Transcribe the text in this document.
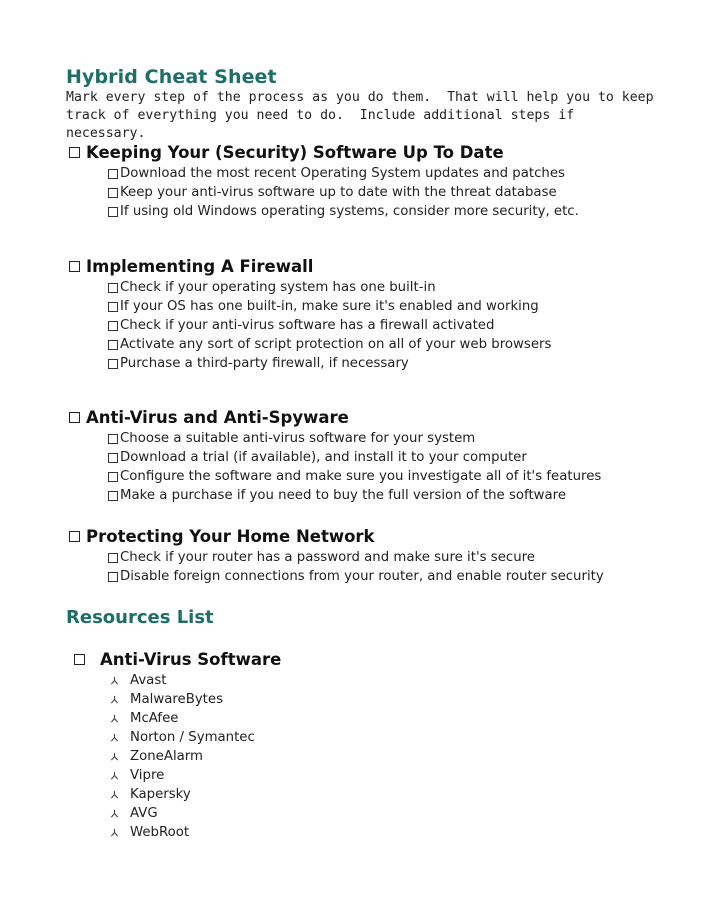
Hybrid Cheat Sheet

Mark every step of the process as you do them.  That will help you to keep track of everything you need to do.  Include additional steps if necessary.

Keeping Your (Security) Software Up To Date
Download the most recent Operating System updates and patches
Keep your anti-virus software up to date with the threat database
If using old Windows operating systems, consider more security, etc.
Implementing A Firewall
Check if your operating system has one built-in
If your OS has one built-in, make sure it's enabled and working
Check if your anti-virus software has a firewall activated
Activate any sort of script protection on all of your web browsers
Purchase a third-party firewall, if necessary
Anti-Virus and Anti-Spyware
Choose a suitable anti-virus software for your system
Download a trial (if available), and install it to your computer
Configure the software and make sure you investigate all of it's features
Make a purchase if you need to buy the full version of the software
Protecting Your Home Network
Check if your router has a password and make sure it's secure
Disable foreign connections from your router, and enable router security
Resources List
Anti-Virus Software
Avast
MalwareBytes
McAfee
Norton / Symantec
ZoneAlarm
Vipre
Kapersky
AVG
WebRoot
